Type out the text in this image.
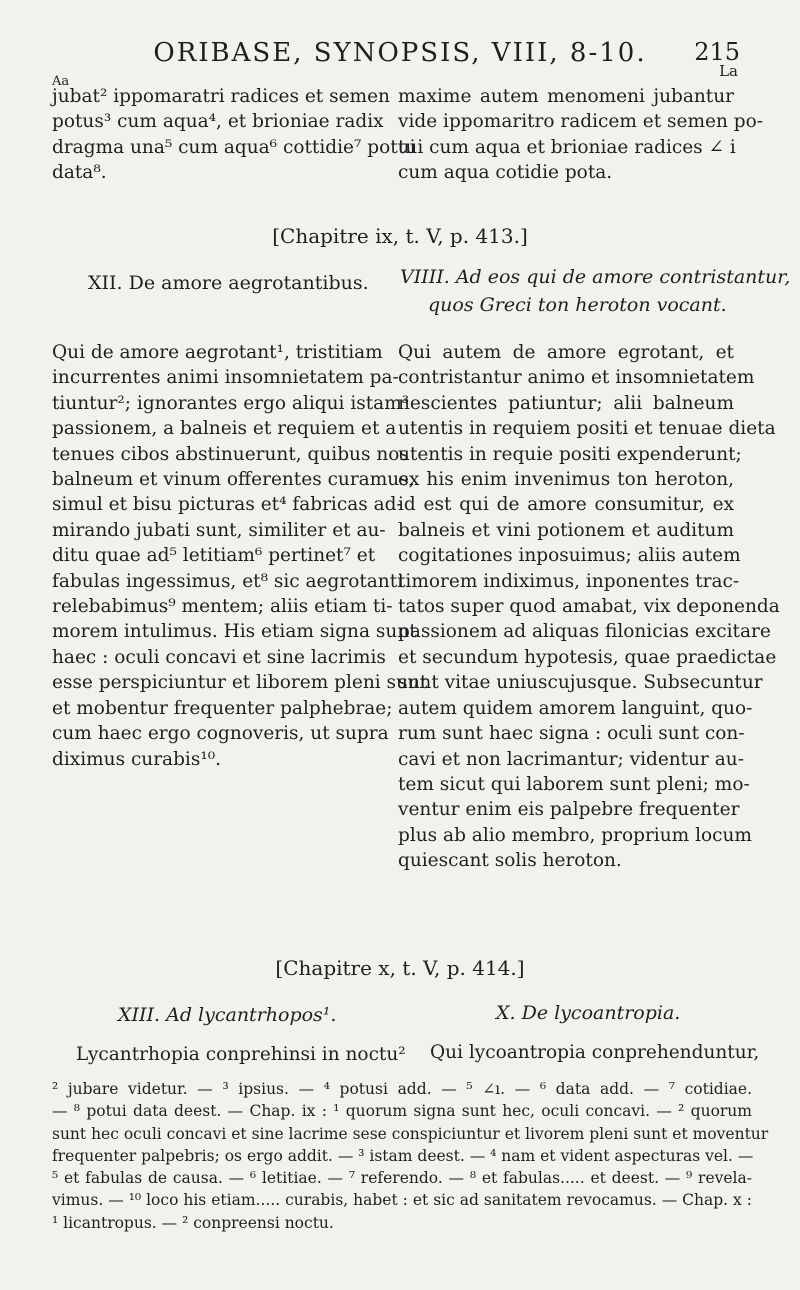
ORIBASE, SYNOPSIS, VIII, 8-10.	215
Aa
La
jubat² ippomaratri radices et semen
potus³ cum aqua⁴, et brioniae radix
dragma una⁵ cum aqua⁶ cottidie⁷ potui
data⁸.
maxime autem menomeni jubantur
vide ippomaritro radicem et semen po-
tui cum aqua et brioniae radices ∠ i
cum aqua cotidie pota.
[Chapitre ix, t. V, p. 413.]
XII. De amore aegrotantibus. VIIII. Ad eos qui de amore contristantur,
quos Greci ton heroton vocant.
Qui de amore aegrotant¹, tristitiam
incurrentes animi insomnietatem pa-
tiuntur²; ignorantes ergo aliqui istam³
passionem, a balneis et requiem et a
tenues cibos abstinuerunt, quibus nos
balneum et vinum offerentes curamus,
simul et bisu picturas et⁴ fabricas ad-
mirando jubati sunt, similiter et au-
ditu quae ad⁵ letitiam⁶ pertinet⁷ et
fabulas ingessimus, et⁸ sic aegrotanti
relebabimus⁹ mentem; aliis etiam ti-
morem intulimus. His etiam signa sunt
haec : oculi concavi et sine lacrimis
esse perspiciuntur et liborem pleni sunt
et mobentur frequenter palphebrae;
cum haec ergo cognoveris, ut supra
diximus curabis¹⁰.
Qui autem de amore egrotant, et
contristantur animo et insomnietatem
nescientes patiuntur; alii balneum
utentis in requiem positi et tenuae dieta
utentis in requie positi expenderunt;
ex his enim invenimus ton heroton,
id est qui de amore consumitur, ex
balneis et vini potionem et auditum
cogitationes inposuimus; aliis autem
timorem indiximus, inponentes trac-
tatos super quod amabat, vix deponenda
passionem ad aliquas filonicias excitare
et secundum hypotesis, quae praedictae
sunt vitae uniuscujusque. Subsecuntur
autem quidem amorem languint, quo-
rum sunt haec signa : oculi sunt con-
cavi et non lacrimantur; videntur au-
tem sicut qui laborem sunt pleni; mo-
ventur enim eis palpebre frequenter
plus ab alio membro, proprium locum
quiescant solis heroton.
[Chapitre x, t. V, p. 414.]
XIII. Ad lycantrhopos¹.	X. De lycoantropia.
Lycantrhopia conprehinsi in noctu² Qui lycoantropia conprehenduntur,
² jubare videtur. — ³ ipsius. — ⁴ potusi add. — ⁵ ∠ı. — ⁶ data add. — ⁷ cotidiae.
— ⁸ potui data deest. — Chap. ix : ¹ quorum signa sunt hec, oculi concavi. — ² quorum
sunt hec oculi concavi et sine lacrime sese conspiciuntur et livorem pleni sunt et moventur
frequenter palpebris; os ergo addit. — ³ istam deest. — ⁴ nam et vident aspecturas vel. —
⁵ et fabulas de causa. — ⁶ letitiae. — ⁷ referendo. — ⁸ et fabulas..... et deest. — ⁹ revela-
vimus. — ¹⁰ loco his etiam..... curabis, habet : et sic ad sanitatem revocamus. — Chap. x :
¹ licantropus. — ² conpreensi noctu.
